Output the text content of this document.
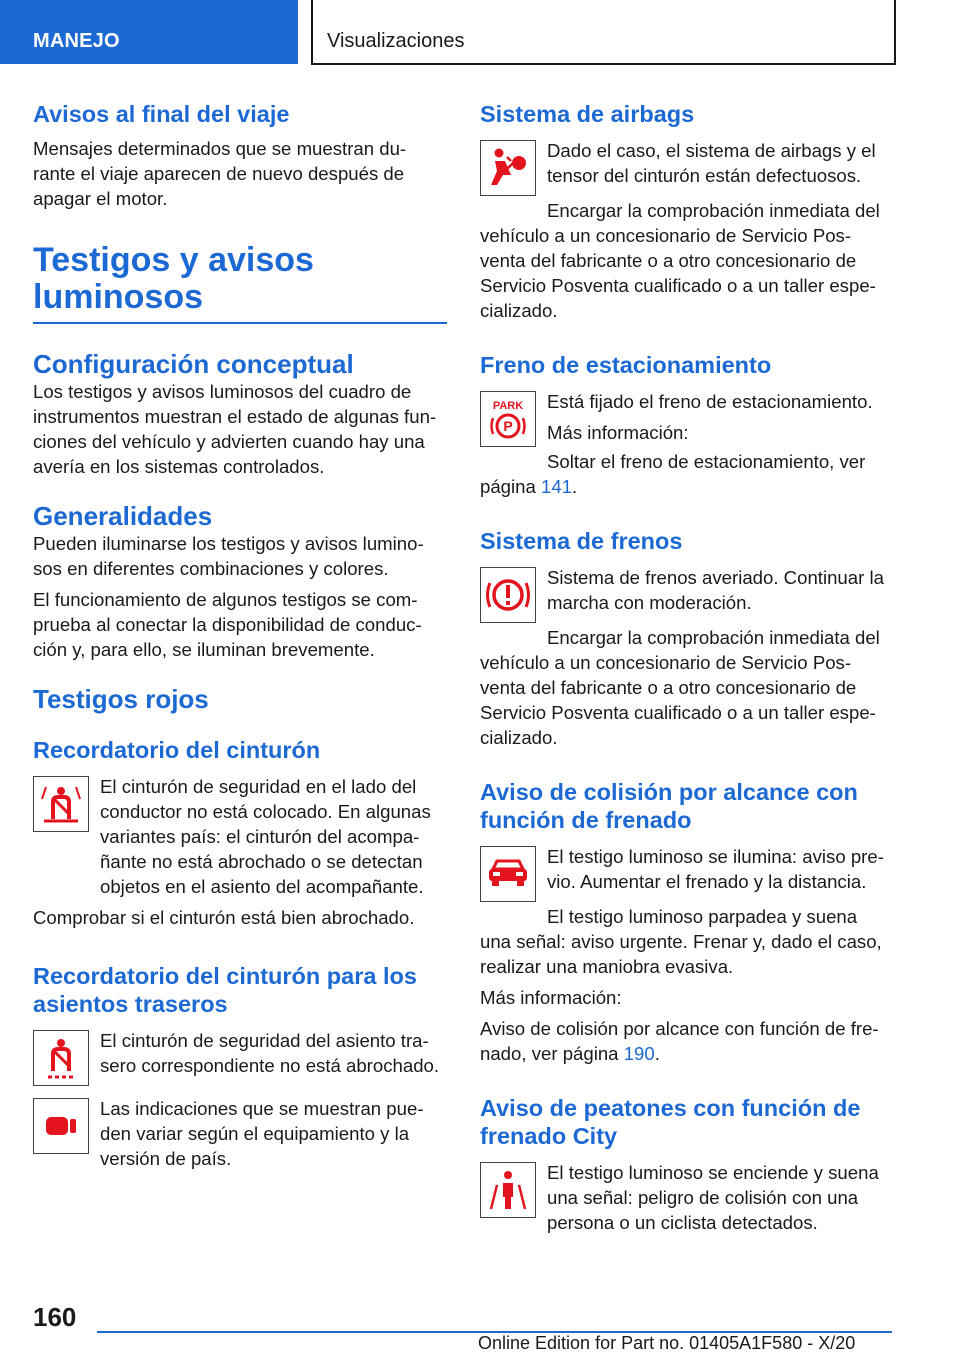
MANEJO	Visualizaciones
Avisos al final del viaje

Mensajes determinados que se muestran du-rante el viaje aparecen de nuevo después de apagar el motor.

Testigos y avisos
luminosos
Configuración conceptual

Los testigos y avisos luminosos del cuadro de instrumentos muestran el estado de algunas fun-ciones del vehículo y advierten cuando hay una avería en los sistemas controlados.

Generalidades

Pueden iluminarse los testigos y avisos lumino-sos en diferentes combinaciones y colores.

El funcionamiento de algunos testigos se com-prueba al conectar la disponibilidad de conduc-ción y, para ello, se iluminan brevemente.

Testigos rojos
Recordatorio del cinturón

El cinturón de seguridad en el lado del conductor no está colocado. En algunas variantes país: el cinturón del acompa-ñante no está abrochado o se detectan objetos en el asiento del acompañante.

Comprobar si el cinturón está bien abrochado.

Recordatorio del cinturón para los
asientos traseros

El cinturón de seguridad del asiento tra-sero correspondiente no está abrochado.

Las indicaciones que se muestran pue-den variar según el equipamiento y la versión de país.

Sistema de airbags

Dado el caso, el sistema de airbags y el tensor del cinturón están defectuosos.

Encargar la comprobación inmediata del vehículo a un concesionario de Servicio Pos-venta del fabricante o a otro concesionario de Servicio Posventa cualificado o a un taller espe-cializado.

Freno de estacionamiento
PARK
P

Está fijado el freno de estacionamiento.

Más información:

Soltar el freno de estacionamiento, ver página 141.

Sistema de frenos

Sistema de frenos averiado. Continuar la marcha con moderación.

Encargar la comprobación inmediata del vehículo a un concesionario de Servicio Pos-venta del fabricante o a otro concesionario de Servicio Posventa cualificado o a un taller espe-cializado.

Aviso de colisión por alcance con
función de frenado

El testigo luminoso se ilumina: aviso pre-vio. Aumentar el frenado y la distancia.

El testigo luminoso parpadea y suena una señal: aviso urgente. Frenar y, dado el caso, realizar una maniobra evasiva.

Más información:

Aviso de colisión por alcance con función de fre-nado, ver página 190.

Aviso de peatones con función de
frenado City

El testigo luminoso se enciende y suena una señal: peligro de colisión con una persona o un ciclista detectados.

160
Online Edition for Part no. 01405A1F580 - X/20
